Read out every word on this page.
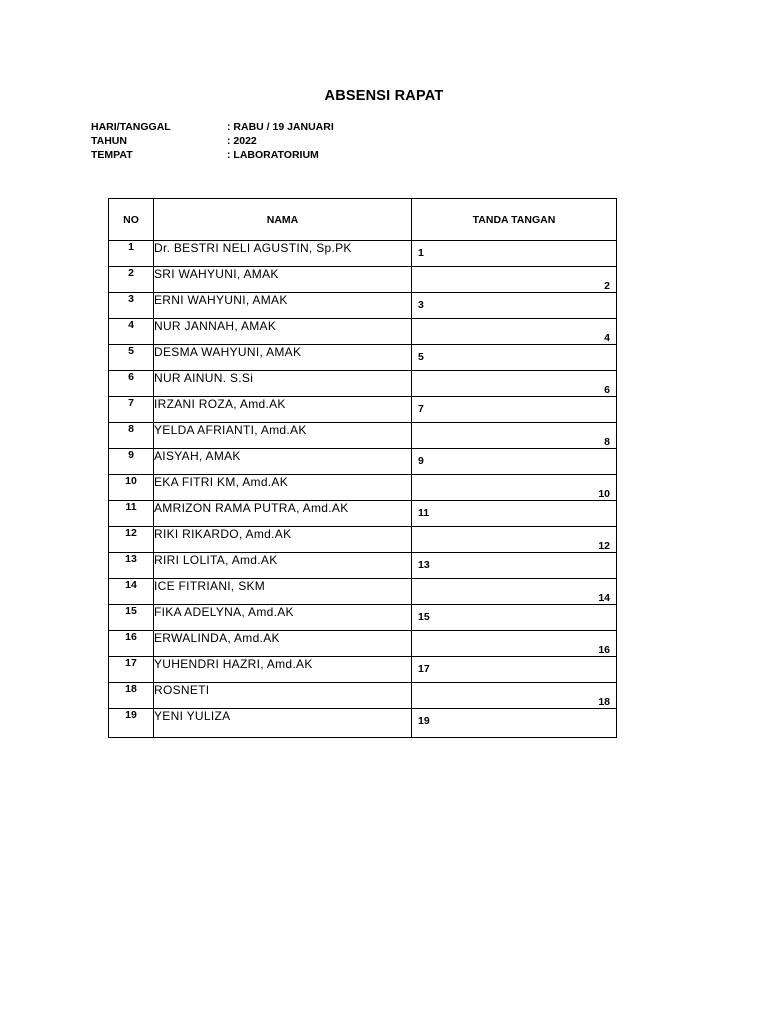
ABSENSI RAPAT
HARI/TANGGAL	: RABU / 19 JANUARI
TAHUN	: 2022
TEMPAT	: LABORATORIUM
NO	NAMA	TANDA TANGAN
1	Dr. BESTRI NELI AGUSTIN, Sp.PK	1

2	SRI WAHYUNI, AMAK	2

3	ERNI WAHYUNI, AMAK	3

4	NUR JANNAH, AMAK	4

5	DESMA WAHYUNI, AMAK	5

6	NUR AINUN. S.Si	6

7	IRZANI ROZA, Amd.AK	7

8	YELDA AFRIANTI, Amd.AK	8

9	AISYAH, AMAK	9

10	EKA FITRI KM, Amd.AK	10

11	AMRIZON RAMA PUTRA, Amd.AK	11

12	RIKI RIKARDO, Amd.AK	12

13	RIRI LOLITA, Amd.AK	13

14	ICE FITRIANI, SKM	14

15	FIKA ADELYNA, Amd.AK	15

16	ERWALINDA, Amd.AK	16

17	YUHENDRI HAZRI, Amd.AK	17

18	ROSNETI	18

19	YENI YULIZA	19
